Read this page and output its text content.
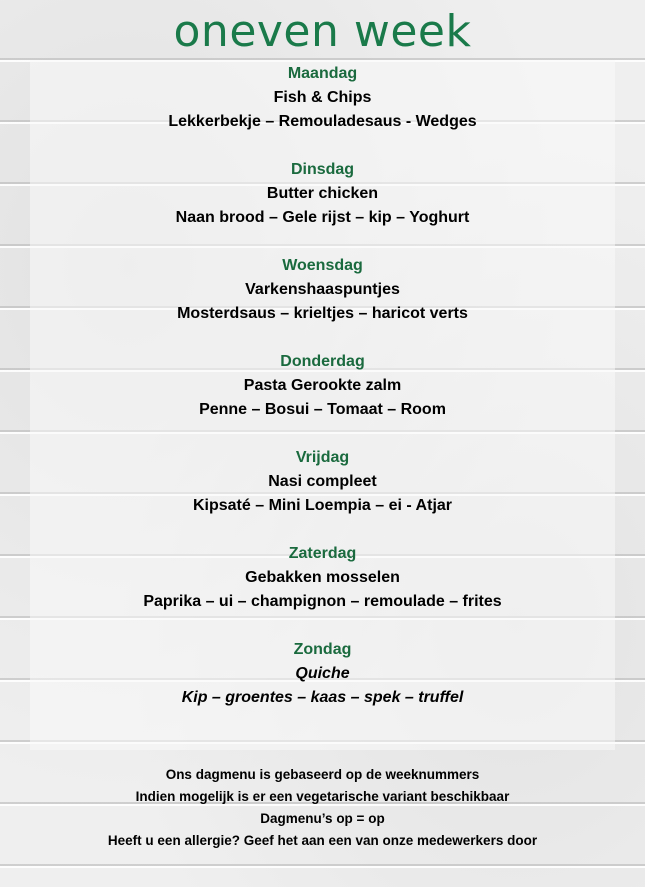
oneven week
Maandag
Fish & Chips
Lekkerbekje – Remouladesaus - Wedges
Dinsdag
Butter chicken
Naan brood – Gele rijst – kip – Yoghurt
Woensdag
Varkenshaaspuntjes
Mosterdsaus – krieltjes – haricot verts
Donderdag
Pasta Gerookte zalm
Penne – Bosui – Tomaat – Room
Vrijdag
Nasi compleet
Kipsaté – Mini Loempia – ei - Atjar
Zaterdag
Gebakken mosselen
Paprika – ui – champignon – remoulade – frites
Zondag
Quiche
Kip – groentes – kaas – spek – truffel
Ons dagmenu is gebaseerd op de weeknummers
Indien mogelijk is er een vegetarische variant beschikbaar
Dagmenu’s op = op
Heeft u een allergie? Geef het aan een van onze medewerkers door
